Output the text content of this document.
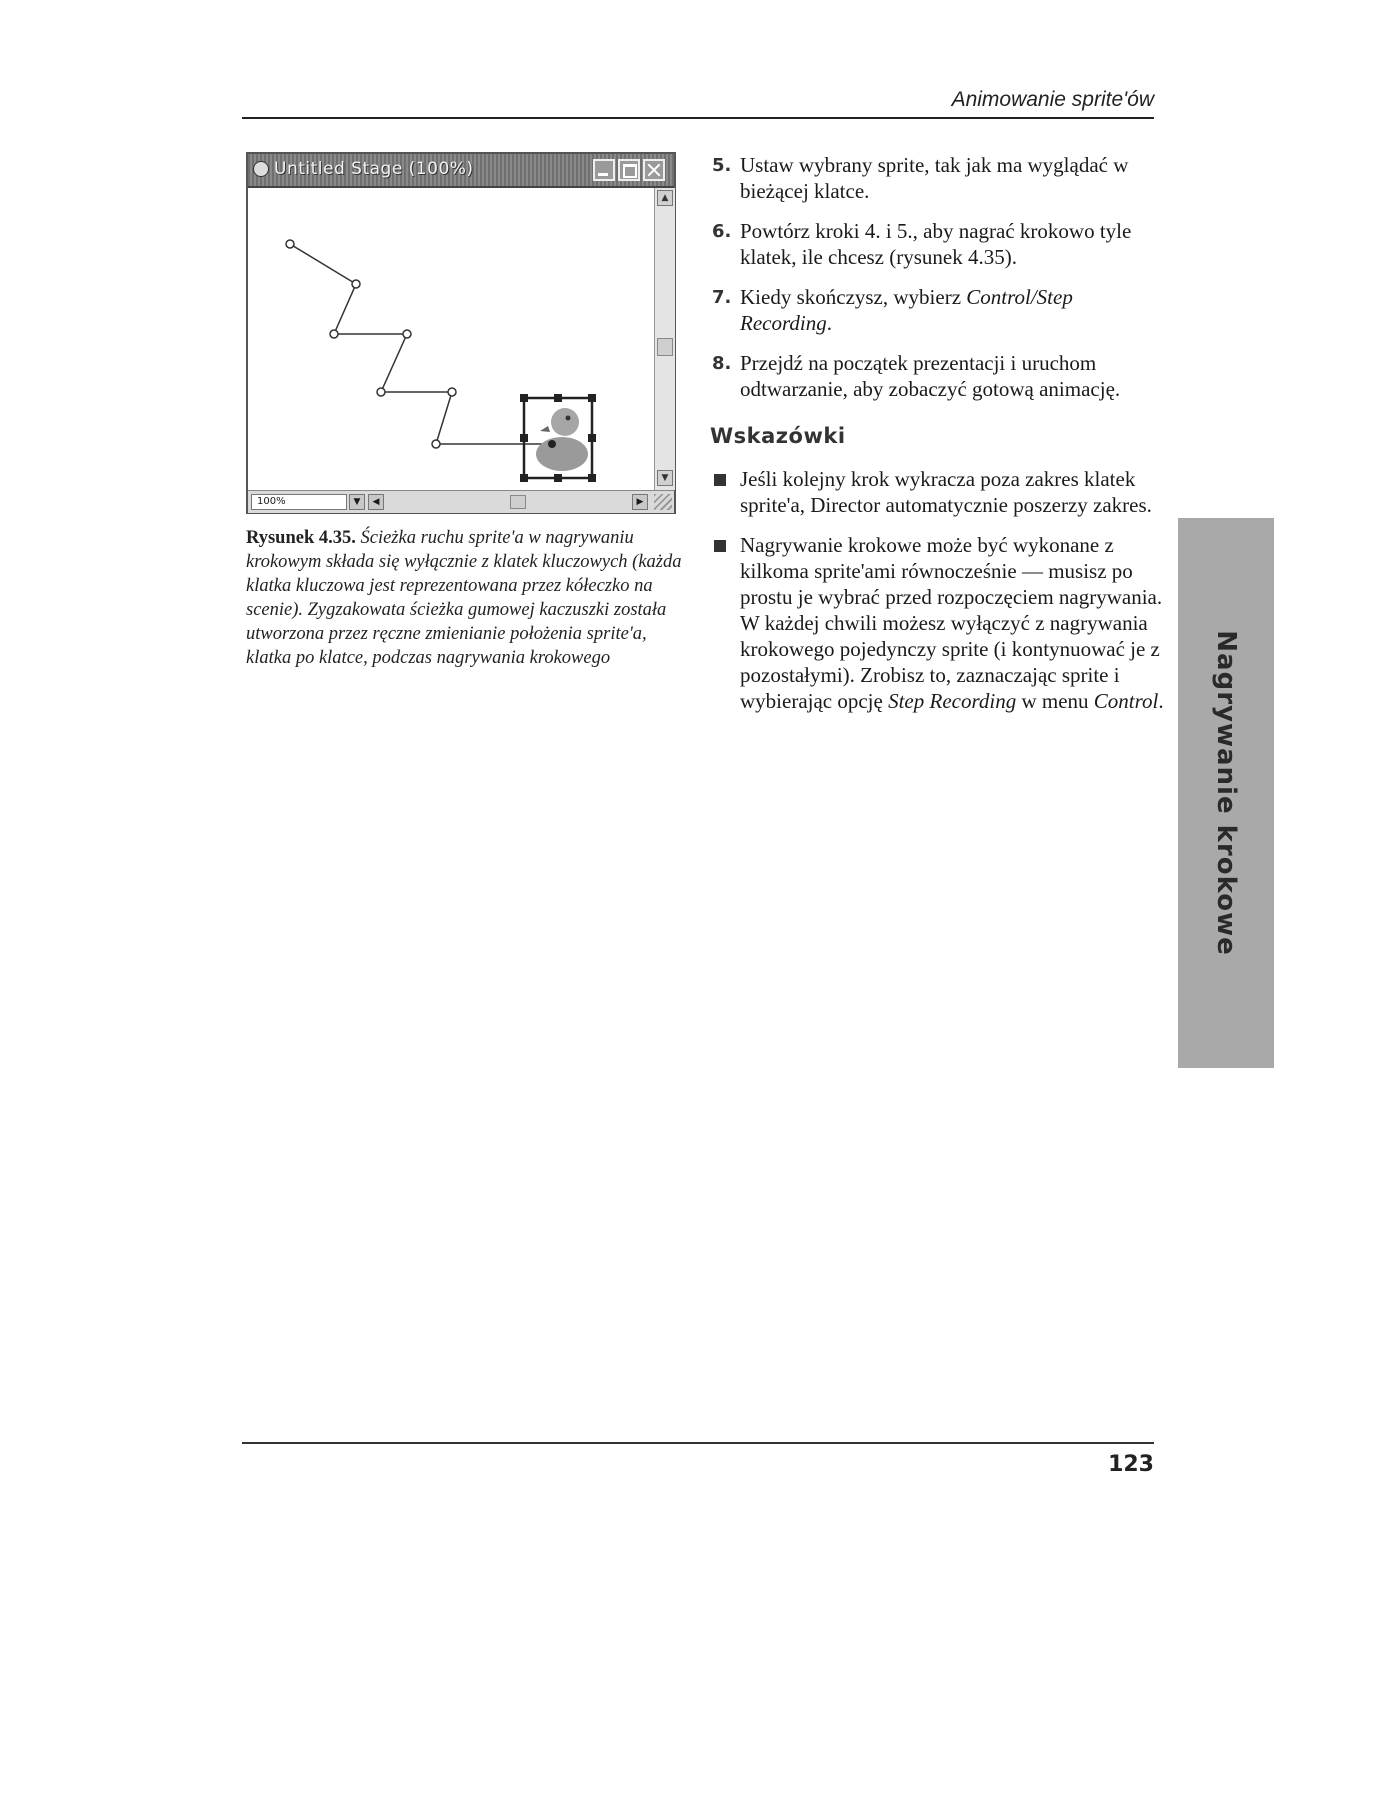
Animowanie sprite'ów
Untitled Stage (100%)
▲
▼
100%	▼	◀	▶
Rysunek 4.35. Ścieżka ruchu sprite'a w nagrywaniu krokowym składa się wyłącznie z klatek kluczowych (każda klatka kluczowa jest reprezentowana przez kółeczko na scenie). Zygzakowata ścieżka gumowej kaczuszki została utworzona przez ręczne zmienianie położenia sprite'a, klatka po klatce, podczas nagrywania krokowego
5. Ustaw wybrany sprite, tak jak ma wyglądać w bieżącej klatce.
6. Powtórz kroki 4. i 5., aby nagrać krokowo tyle klatek, ile chcesz (rysunek 4.35).
7. Kiedy skończysz, wybierz Control/Step Recording.
8. Przejdź na początek prezentacji i uruchom odtwarzanie, aby zobaczyć gotową animację.
Wskazówki
Jeśli kolejny krok wykracza poza zakres klatek sprite'a, Director automatycznie poszerzy zakres.
Nagrywanie krokowe może być wykonane z kilkoma sprite'ami równocześnie — musisz po prostu je wybrać przed rozpoczęciem nagrywania. W każdej chwili możesz wyłączyć z nagrywania krokowego pojedynczy sprite (i kontynuować je z pozostałymi). Zrobisz to, zaznaczając sprite i wybierając opcję Step Recording w menu Control. Nagrywanie krokowe
123
